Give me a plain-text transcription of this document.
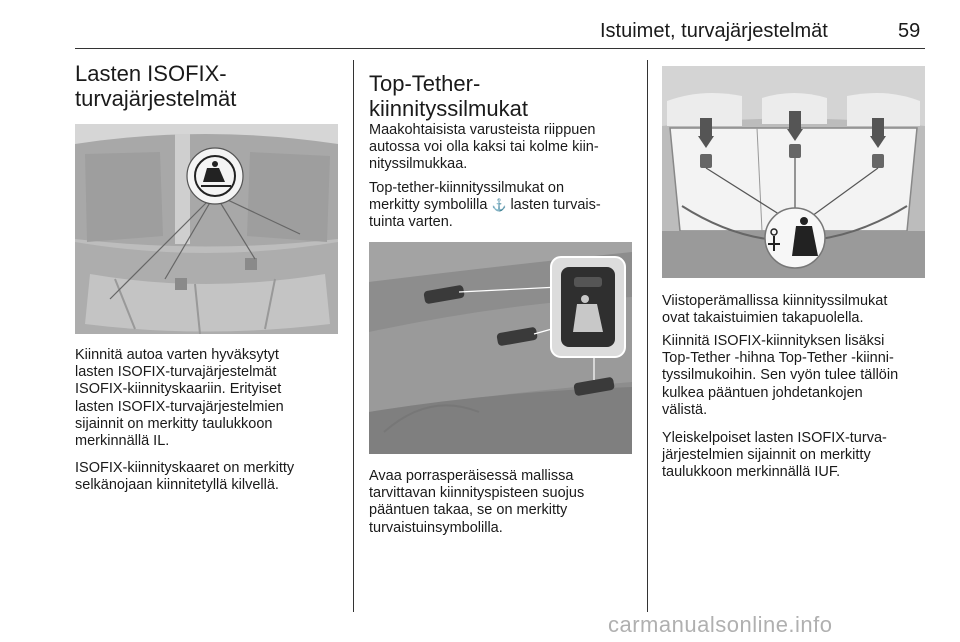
Istuimet, turvajärjestelmät	59
Lasten ISOFIX-
turvajärjestelmät

Kiinnitä autoa varten hyväksytyt
lasten ISOFIX-turvajärjestelmät
ISOFIX-kiinnityskaariin. Erityiset
lasten ISOFIX-turvajärjestelmien
sijainnit on merkitty taulukkoon
merkinnällä IL.

ISOFIX-kiinnityskaaret on merkitty
selkänojaan kiinnitetyllä kilvellä.

Top-Tether-
kiinnityssilmukat

Maakohtaisista varusteista riippuen
autossa voi olla kaksi tai kolme kiin-
nityssilmukkaa.

Top-tether-kiinnityssilmukat on
merkitty symbolilla ⚓ lasten turvais-
tuinta varten.

Avaa porrasperäisessä mallissa
tarvittavan kiinnityspisteen suojus
pääntuen takaa, se on merkitty
turvaistuinsymbolilla.

Viistoperämallissa kiinnityssilmukat
ovat takaistuimien takapuolella.

Kiinnitä ISOFIX-kiinnityksen lisäksi
Top-Tether -hihna Top-Tether -kiinni-
tyssilmukoihin. Sen vyön tulee tällöin
kulkea pääntuen johdetankojen
välistä.

Yleiskelpoiset lasten ISOFIX-turva-
järjestelmien sijainnit on merkitty
taulukkoon merkinnällä IUF.

carmanualsonline.info
